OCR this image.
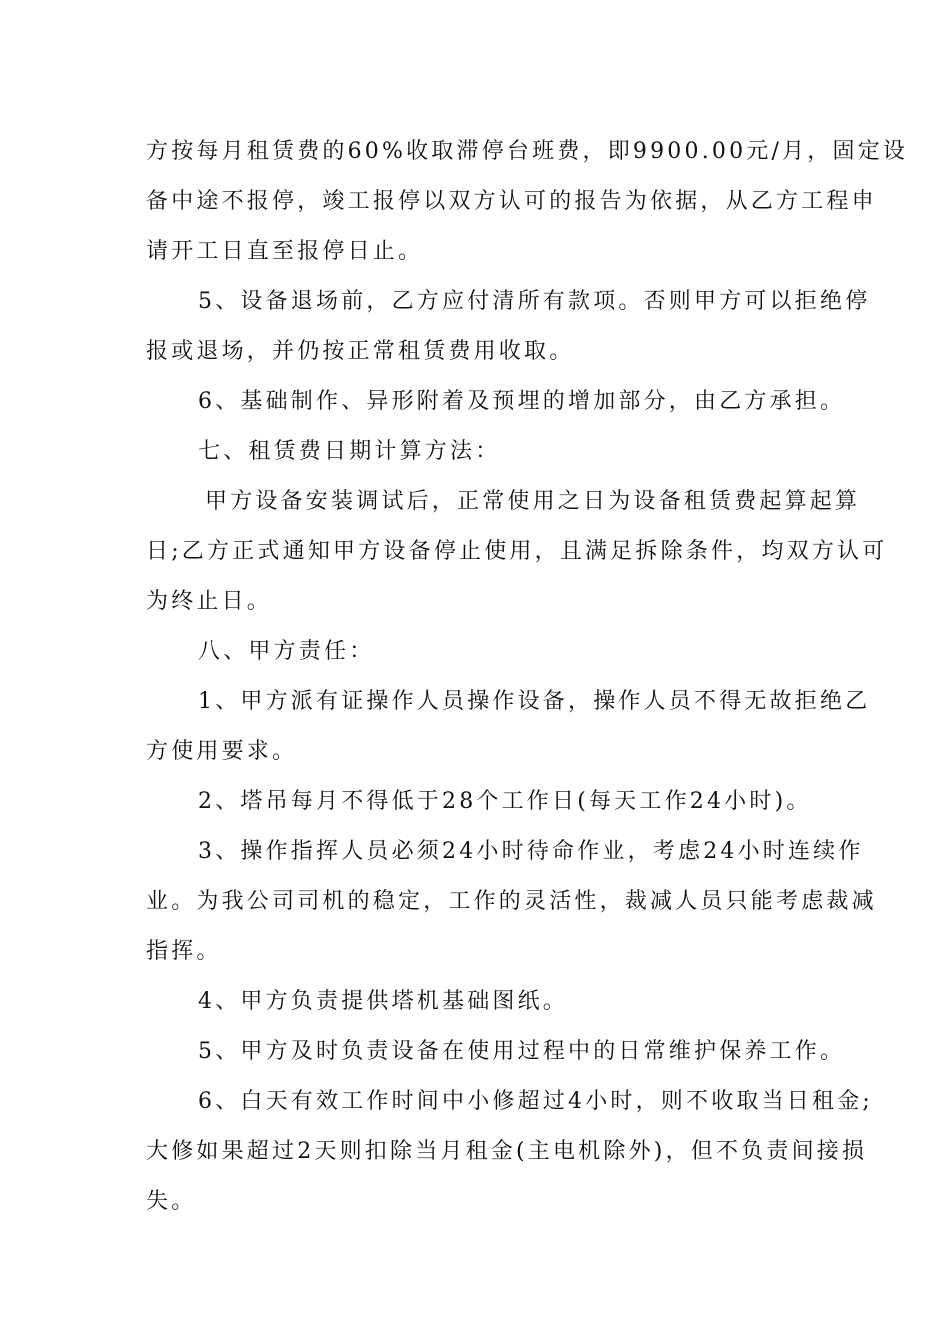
方按每月租赁费的60%收取滞停台班费，即9900.00元/月，固定设
备中途不报停，竣工报停以双方认可的报告为依据，从乙方工程申
请开工日直至报停日止。
5、设备退场前，乙方应付清所有款项。否则甲方可以拒绝停
报或退场，并仍按正常租赁费用收取。
6、基础制作、异形附着及预埋的增加部分，由乙方承担。
七、租赁费日期计算方法：
甲方设备安装调试后，正常使用之日为设备租赁费起算起算
日;乙方正式通知甲方设备停止使用，且满足拆除条件，均双方认可
为终止日。
八、甲方责任：
1、甲方派有证操作人员操作设备，操作人员不得无故拒绝乙
方使用要求。
2、塔吊每月不得低于28个工作日(每天工作24小时)。
3、操作指挥人员必须24小时待命作业，考虑24小时连续作
业。为我公司司机的稳定，工作的灵活性，裁减人员只能考虑裁减
指挥。
4、甲方负责提供塔机基础图纸。
5、甲方及时负责设备在使用过程中的日常维护保养工作。
6、白天有效工作时间中小修超过4小时，则不收取当日租金;
大修如果超过2天则扣除当月租金(主电机除外)，但不负责间接损
失。
